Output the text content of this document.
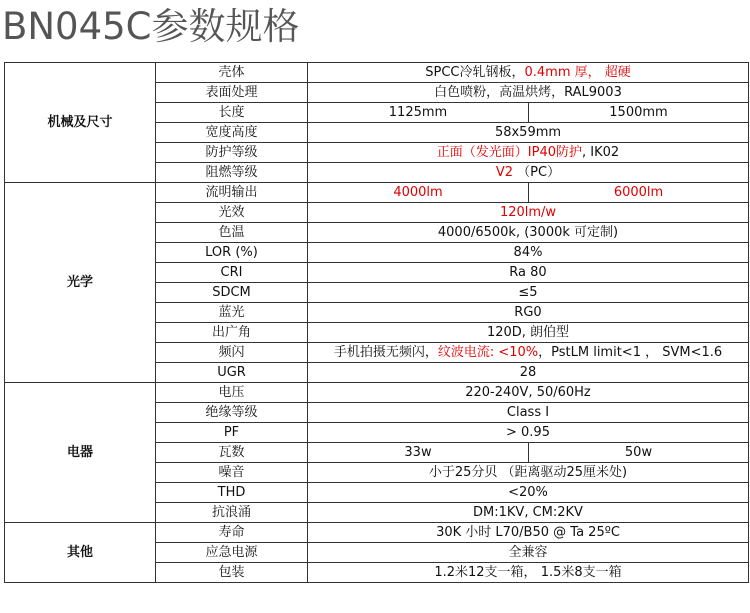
BN045C参数规格
机械及尺寸	壳体	SPCC冷轧钢板，0.4mm 厚， 超硬	
	表面处理	白色喷粉，高温烘烤，RAL9003	
	长度	1125mm	1500mm
	宽度高度	58x59mm	
	防护等级	正面（发光面）IP40防护, IK02	
	阻燃等级	V2 （PC）	
光学	流明输出	4000lm	6000lm
	光效	120lm/w	
	色温	4000/6500k, (3000k 可定制)	
	LOR (%)	84%	
	CRI	Ra 80	
	SDCM	≤5	
	蓝光	RG0	
	出广角	120D, 朗伯型	
	频闪	手机拍摄无频闪，纹波电流: <10%，PstLM limit<1 ， SVM<1.6	
	UGR	28	
电器	电压	220-240V, 50/60Hz	
	绝缘等级	Class I	
	PF	> 0.95	
	瓦数	33w	50w
	噪音	小于25分贝 （距离驱动25厘米处)	
	THD	<20%	
	抗浪涌	DM:1KV, CM:2KV	
其他	寿命	30K 小时 L70/B50 @ Ta 25ºC	
	应急电源	全兼容	
	包装	1.2米12支一箱， 1.5米8支一箱	
